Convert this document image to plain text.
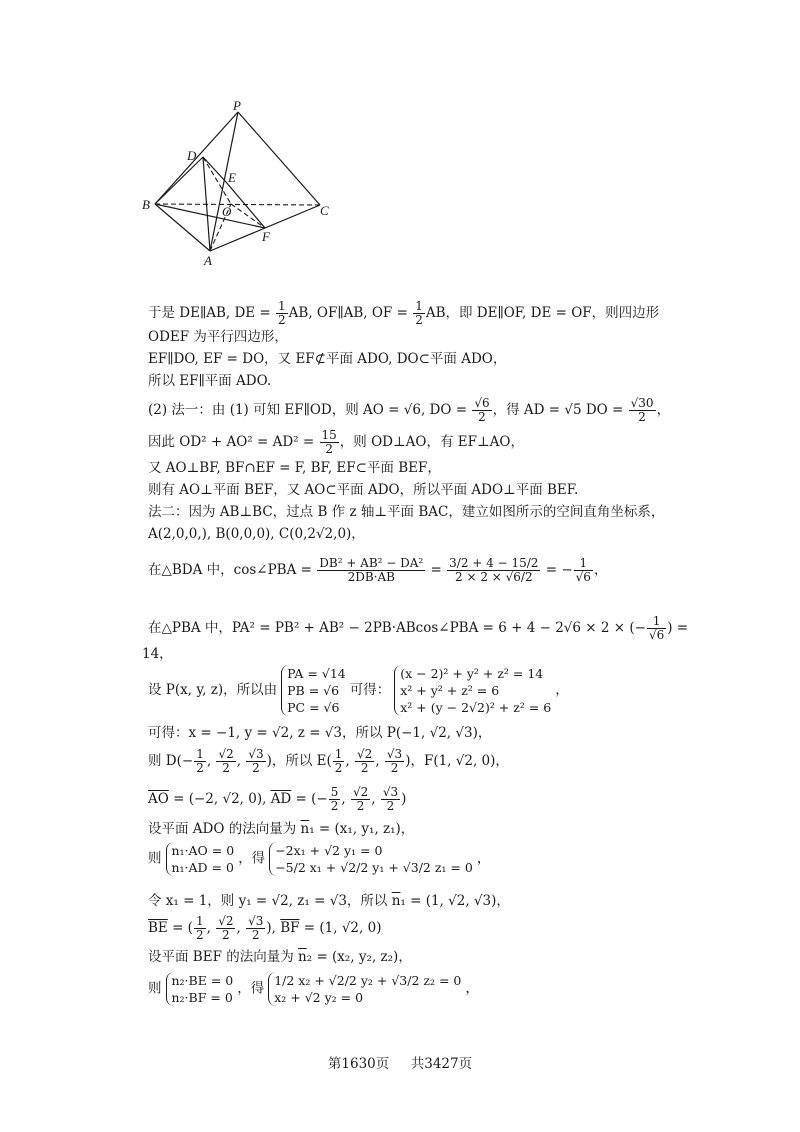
P
D
E
B	O	C
F
A
于是 DE∥AB, DE = $\frac{1}{2}$ AB, OF∥AB, OF = $\frac{1}{2}$ AB，即 DE∥OF, DE = OF，则四边形
ODEF 为平行四边形，
EF∥DO, EF = DO，又 EF⊄平面 ADO, DO⊂平面 ADO，
所以 EF∥平面 ADO.
(2) 法一：由 (1) 可知 EF∥OD，则 AO = √6, DO = $\frac{√6}{2}$ ，得 AD = √5 DO = $\frac{√30}{2}$ ，
因此 $OD^2 + AO^2 = AD^2 = \frac{15}{2}$ ，则 OD⊥AO，有 EF⊥AO，
又 AO⊥BF, BF∩EF = F, BF, EF⊂平面 BEF，
则有 AO⊥平面 BEF，又 AO⊂平面 ADO，所以平面 ADO⊥平面 BEF.
法二：因为 AB⊥BC，过点 B 作 z 轴⊥平面 BAC，建立如图所示的空间直角坐标系，
A(2,0,0,), B(0,0,0), C(0,2√2,0)，
在△BDA 中，cos∠PBA = $\frac{\text{DB² + AB² − DA²}}{2DB\cdot AB} = \frac{3/2 + 4 - 15/2}{2 \times 2 \times √6/2}$ = − $\frac{1}{√6}$ ，
在△PBA 中，PA² = PB² + AB² − 2PB·ABcos∠PBA = 6 + 4 − 2√6 × 2 × (− $\frac{1}{√6}$ ) =
14，
设 P(x, y, z)，所以由
PA = √14
PB = √6
PC = √6
可得：
(x − 2)² + y² + z² = 14
x² + y² + z² = 6
x² + (y − 2√2)² + z² = 6
，
可得：x = −1, y = √2, z = √3，所以 P(−1, √2, √3)，
则 $D(- \frac{1}{2}$ , $\frac{√2}{2}$ , $\frac{√3}{2}$ )，所以 $E( \frac{1}{2}$ , $\frac{√2}{2}$ , $\frac{√3}{2}$ )，F(1, √2, 0)，
$\overline{AO} = (-2$, √2, 0), $\overline{AD}$ = (− $\frac{5}{2}$ , $\frac{√2}{2}$ , $\frac{√3}{2}$ )
设平面 ADO 的法向量为 $\overline{n}_1 = (x_1$, y₁, z₁)，
则 n₁·AO = 0
n₁·AD = 0
，得 −2x₁ + √2 y₁ = 0
−5/2 x₁ + √2/2 y₁ + √3/2 z₁ = 0
，
令 x₁ = 1，则 y₁ = √2, z₁ = √3，所以 $\overline{n}_1 = (1$, √2, √3)，
$\overline{BE}$ = ( $\frac{1}{2}$ , $\frac{√2}{2}$ , $\frac{√3}{2}$ ), $\overline{BF} = (1$, √2, 0)
设平面 BEF 的法向量为 $\overline{n}_2 = (x_2$, y₂, z₂)，
则 n₂·BE = 0
n₂·BF = 0
，得 1/2 x₂ + √2/2 y₂ + √3/2 z₂ = 0
x₂ + √2 y₂ = 0
，
第1630页 共3427页
